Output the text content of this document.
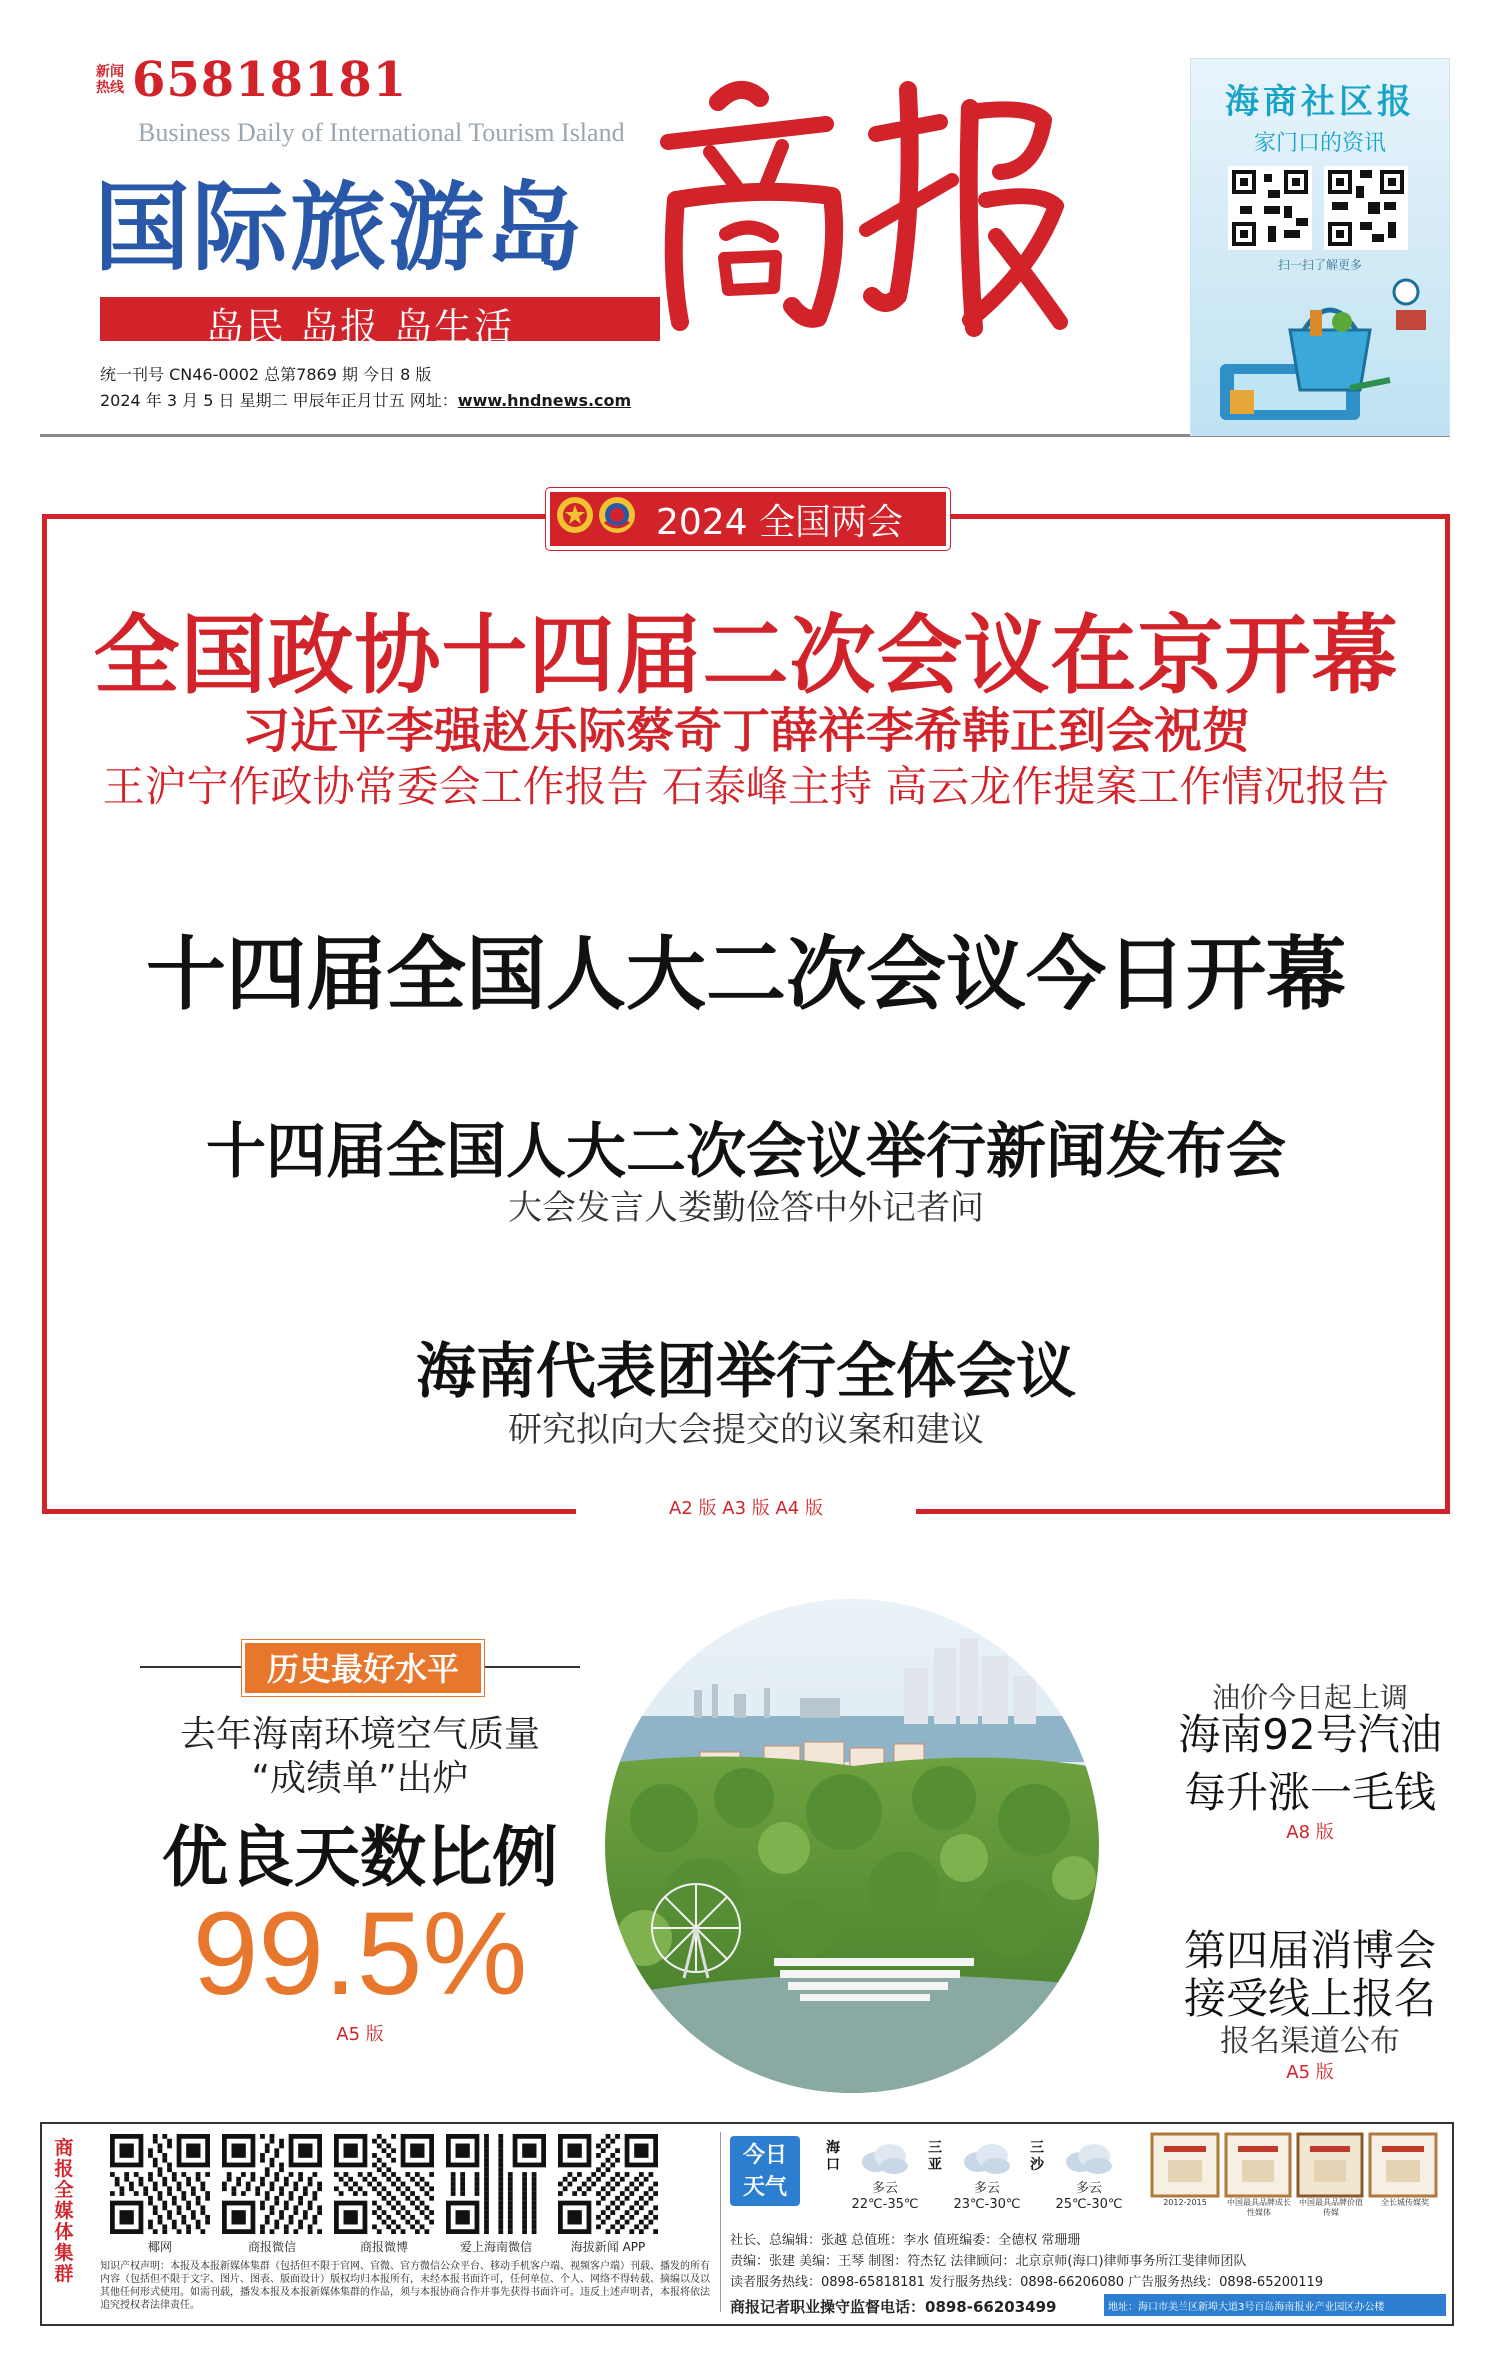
新闻热线 65818181
Business Daily of International Tourism Island
国际旅游岛
岛民 岛报 岛生活
统一刊号 CN46-0002 总第7869 期 今日 8 版
2024 年 3 月 5 日 星期二 甲辰年正月廿五 网址：www.hndnews.com
海商社区报
家门口的资讯
扫一扫了解更多
2024 全国两会
全国政协十四届二次会议在京开幕
习近平李强赵乐际蔡奇丁薛祥李希韩正到会祝贺
王沪宁作政协常委会工作报告 石泰峰主持 高云龙作提案工作情况报告
十四届全国人大二次会议今日开幕
十四届全国人大二次会议举行新闻发布会
大会发言人娄勤俭答中外记者问
海南代表团举行全体会议
研究拟向大会提交的议案和建议
A2 版 A3 版 A4 版
历史最好水平
去年海南环境空气质量
“成绩单”出炉
优良天数比例
99.5%
A5 版
油价今日起上调
海南92号汽油
每升涨一毛钱
A8 版
第四届消博会
接受线上报名
报名渠道公布
A5 版
商报全媒体集群
椰网	商报微信	商报微博	爱上海南微信	海拔新闻 APP
知识产权声明：本报及本报新媒体集群（包括但不限于官网、官微、官方微信公众平台、移动手机客户端、视频客户端）刊载、播发的所有内容（包括但不限于文字、图片、图表、版面设计）版权均归本报所有，未经本报书面许可，任何单位、个人、网络不得转载、摘编以及以其他任何形式使用。如需刊载，播发本报及本报新媒体集群的作品，须与本报协商合作并事先获得书面许可。违反上述声明者，本报将依法追究授权者法律责任。
今日
天气
海口
多云
22℃-35℃
三亚
多云
23℃-30℃
三沙
多云
25℃-30℃	2012-2015	中国最具品牌成长性媒体
中国最具品牌价值传媒
全长城传媒奖
社长、总编辑：张越 总值班：李水 值班编委：全德权 常珊珊
责编：张建 美编：王琴 制图：符杰钇 法律顾问：北京京师(海口)律师事务所江斐律师团队
读者服务热线：0898-65818181 发行服务热线：0898-66206080 广告服务热线：0898-65200119
商报记者职业操守监督电话：0898-66203499	地址：海口市美兰区新埠大道3号百岛海南报业产业园区办公楼
